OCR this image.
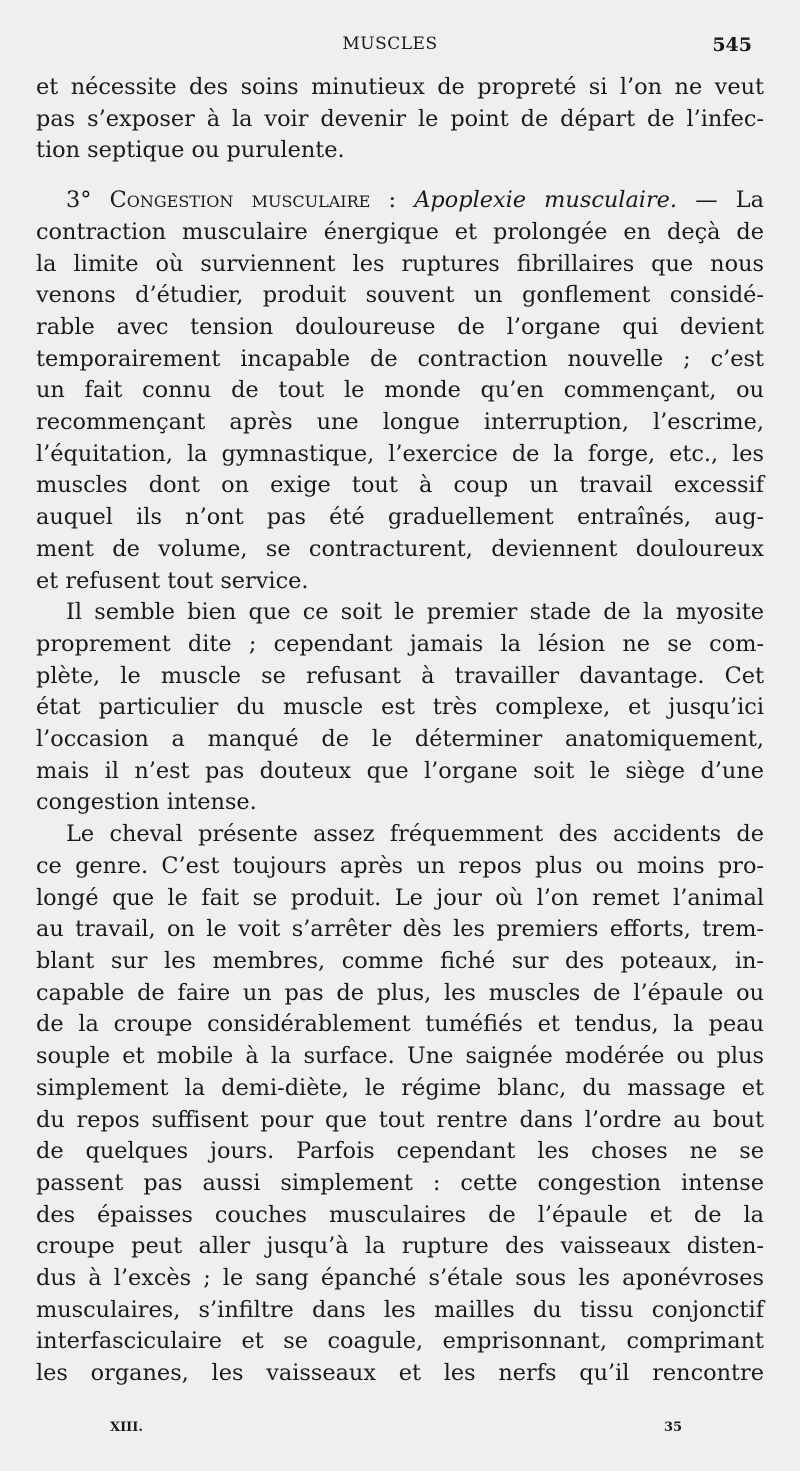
MUSCLES	545
et nécessite des soins minutieux de propreté si l’on ne veut
pas s’exposer à la voir devenir le point de départ de l’infec-
tion septique ou purulente.
3° Congestion musculaire : Apoplexie musculaire. — La
contraction musculaire énergique et prolongée en deçà de
la limite où surviennent les ruptures fibrillaires que nous
venons d’étudier, produit souvent un gonflement considé-
rable avec tension douloureuse de l’organe qui devient
temporairement incapable de contraction nouvelle ; c’est
un fait connu de tout le monde qu’en commençant, ou
recommençant après une longue interruption, l’escrime,
l’équitation, la gymnastique, l’exercice de la forge, etc., les
muscles dont on exige tout à coup un travail excessif
auquel ils n’ont pas été graduellement entraînés, aug-
ment de volume, se contracturent, deviennent douloureux
et refusent tout service.
Il semble bien que ce soit le premier stade de la myosite
proprement dite ; cependant jamais la lésion ne se com-
plète, le muscle se refusant à travailler davantage. Cet
état particulier du muscle est très complexe, et jusqu’ici
l’occasion a manqué de le déterminer anatomiquement,
mais il n’est pas douteux que l’organe soit le siège d’une
congestion intense.
Le cheval présente assez fréquemment des accidents de
ce genre. C’est toujours après un repos plus ou moins pro-
longé que le fait se produit. Le jour où l’on remet l’animal
au travail, on le voit s’arrêter dès les premiers efforts, trem-
blant sur les membres, comme fiché sur des poteaux, in-
capable de faire un pas de plus, les muscles de l’épaule ou
de la croupe considérablement tuméfiés et tendus, la peau
souple et mobile à la surface. Une saignée modérée ou plus
simplement la demi-diète, le régime blanc, du massage et
du repos suffisent pour que tout rentre dans l’ordre au bout
de quelques jours. Parfois cependant les choses ne se
passent pas aussi simplement : cette congestion intense
des épaisses couches musculaires de l’épaule et de la
croupe peut aller jusqu’à la rupture des vaisseaux disten-
dus à l’excès ; le sang épanché s’étale sous les aponévroses
musculaires, s’infiltre dans les mailles du tissu conjonctif
interfasciculaire et se coagule, emprisonnant, comprimant
les organes, les vaisseaux et les nerfs qu’il rencontre
XIII.	35
